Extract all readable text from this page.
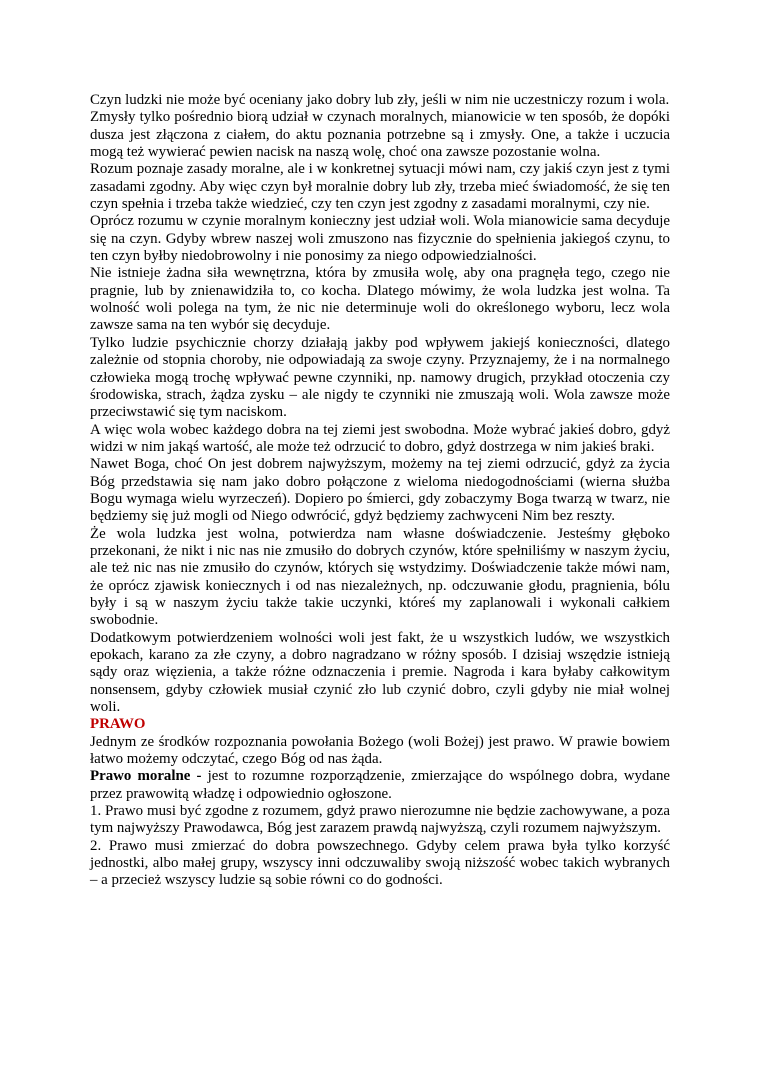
Czyn ludzki nie może być oceniany jako dobry lub zły, jeśli w nim nie uczestniczy rozum i wola.

Zmysły tylko pośrednio biorą udział w czynach moralnych, mianowicie w ten sposób, że dopóki dusza jest złączona z ciałem, do aktu poznania potrzebne są i zmysły. One, a także i uczucia mogą też wywierać pewien nacisk na naszą wolę, choć ona zawsze pozostanie wolna.

Rozum poznaje zasady moralne, ale i w konkretnej sytuacji mówi nam, czy jakiś czyn jest z tymi zasadami zgodny. Aby więc czyn był moralnie dobry lub zły, trzeba mieć świadomość, że się ten czyn spełnia i trzeba także wiedzieć, czy ten czyn jest zgodny z zasadami moralnymi, czy nie.

Oprócz rozumu w czynie moralnym konieczny jest udział woli. Wola mianowicie sama decyduje się na czyn. Gdyby wbrew naszej woli zmuszono nas fizycznie do spełnienia jakiegoś czynu, to ten czyn byłby niedobrowolny i nie ponosimy za niego odpowiedzialności.

Nie istnieje żadna siła wewnętrzna, która by zmusiła wolę, aby ona pragnęła tego, czego nie pragnie, lub by znienawidziła to, co kocha. Dlatego mówimy, że wola ludzka jest wolna. Ta wolność woli polega na tym, że nic nie determinuje woli do określonego wyboru, lecz wola zawsze sama na ten wybór się decyduje.

Tylko ludzie psychicznie chorzy działają jakby pod wpływem jakiejś konieczności, dlatego zależnie od stopnia choroby, nie odpowiadają za swoje czyny. Przyznajemy, że i na normalnego człowieka mogą trochę wpływać pewne czynniki, np. namowy drugich, przykład otoczenia czy środowiska, strach, żądza zysku – ale nigdy te czynniki nie zmuszają woli. Wola zawsze może przeciwstawić się tym naciskom.

A więc wola wobec każdego dobra na tej ziemi jest swobodna. Może wybrać jakieś dobro, gdyż widzi w nim jakąś wartość, ale może też odrzucić to dobro, gdyż dostrzega w nim jakieś braki.

Nawet Boga, choć On jest dobrem najwyższym, możemy na tej ziemi odrzucić, gdyż za życia Bóg przedstawia się nam jako dobro połączone z wieloma niedogodnościami (wierna służba Bogu wymaga wielu wyrzeczeń). Dopiero po śmierci, gdy zobaczymy Boga twarzą w twarz, nie będziemy się już mogli od Niego odwrócić, gdyż będziemy zachwyceni Nim bez reszty.

Że wola ludzka jest wolna, potwierdza nam własne doświadczenie. Jesteśmy głęboko przekonani, że nikt i nic nas nie zmusiło do dobrych czynów, które spełniliśmy w naszym życiu, ale też nic nas nie zmusiło do czynów, których się wstydzimy. Doświadczenie także mówi nam, że oprócz zjawisk koniecznych i od nas niezależnych, np. odczuwanie głodu, pragnienia, bólu były i są w naszym życiu także takie uczynki, któreś my zaplanowali i wykonali całkiem swobodnie.

Dodatkowym potwierdzeniem wolności woli jest fakt, że u wszystkich ludów, we wszystkich epokach, karano za złe czyny, a dobro nagradzano w różny sposób. I dzisiaj wszędzie istnieją sądy oraz więzienia, a także różne odznaczenia i premie. Nagroda i kara byłaby całkowitym nonsensem, gdyby człowiek musiał czynić zło lub czynić dobro, czyli gdyby nie miał wolnej woli.

PRAWO

Jednym ze środków rozpoznania powołania Bożego (woli Bożej) jest prawo. W prawie bowiem łatwo możemy odczytać, czego Bóg od nas żąda.

Prawo moralne - jest to rozumne rozporządzenie, zmierzające do wspólnego dobra, wydane przez prawowitą władzę i odpowiednio ogłoszone.

1. Prawo musi być zgodne z rozumem, gdyż prawo nierozumne nie będzie zachowywane, a poza tym najwyższy Prawodawca, Bóg jest zarazem prawdą najwyższą, czyli rozumem najwyższym.

2. Prawo musi zmierzać do dobra powszechnego. Gdyby celem prawa była tylko korzyść jednostki, albo małej grupy, wszyscy inni odczuwaliby swoją niższość wobec takich wybranych – a przecież wszyscy ludzie są sobie równi co do godności.
